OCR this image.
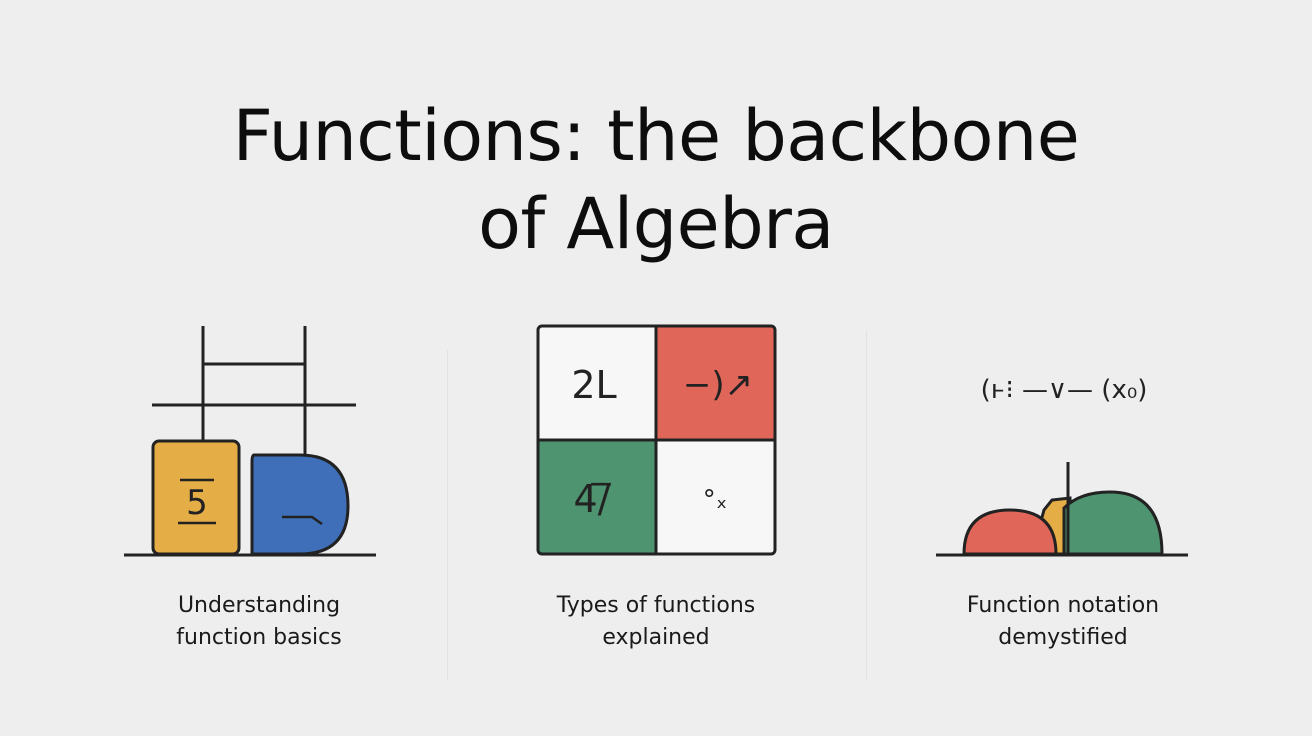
Functions: the backbone
of Algebra
5
2L −)↗
4/̅	°ₓ
(ⱶ⁝ —∨— (x₀)
Understanding
function basics
Types of functions
explained
Function notation
demystified
